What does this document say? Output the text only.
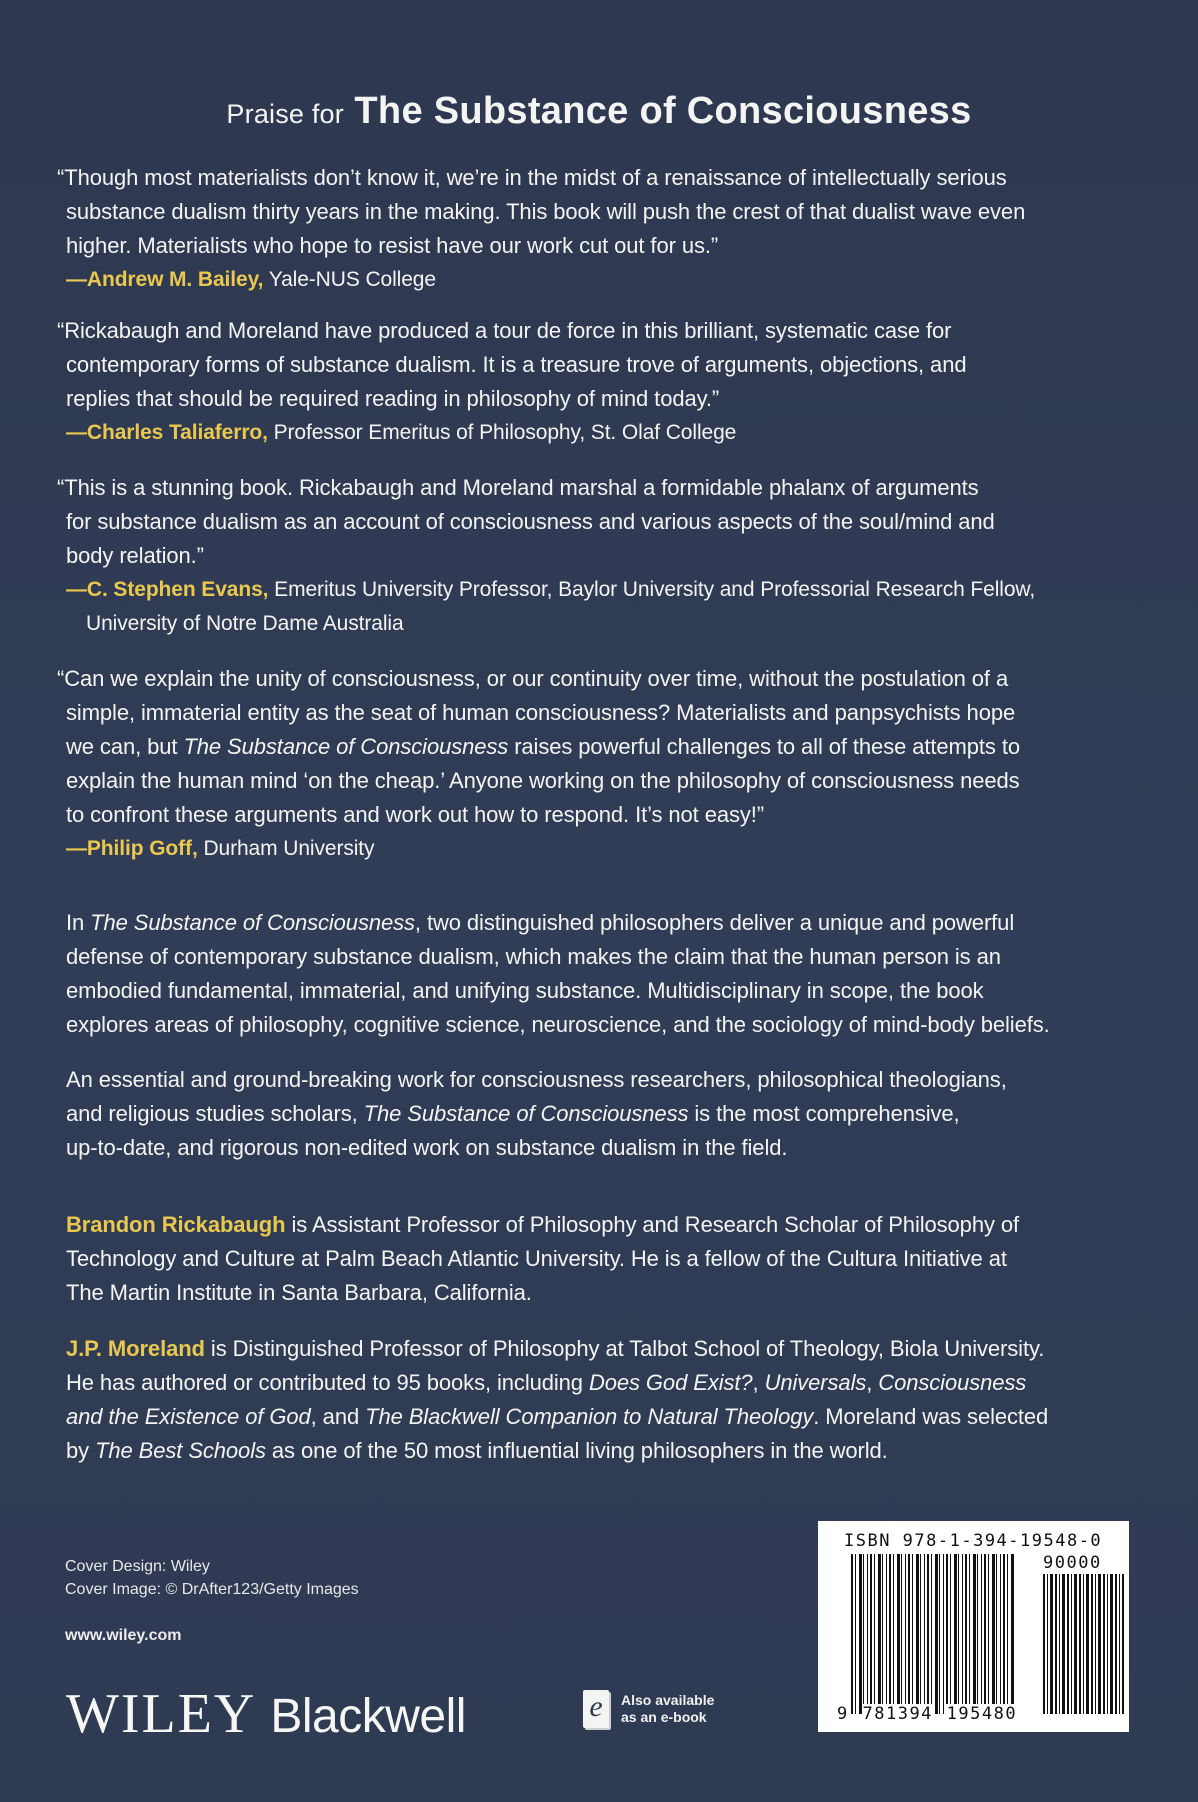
Praise for The Substance of Consciousness
“Though most materialists don’t know it, we’re in the midst of a renaissance of intellectually serious
substance dualism thirty years in the making. This book will push the crest of that dualist wave even
higher. Materialists who hope to resist have our work cut out for us.”
—Andrew M. Bailey, Yale-NUS College
“Rickabaugh and Moreland have produced a tour de force in this brilliant, systematic case for
contemporary forms of substance dualism. It is a treasure trove of arguments, objections, and
replies that should be required reading in philosophy of mind today.”
—Charles Taliaferro, Professor Emeritus of Philosophy, St. Olaf College
“This is a stunning book. Rickabaugh and Moreland marshal a formidable phalanx of arguments
for substance dualism as an account of consciousness and various aspects of the soul/mind and
body relation.”
—C. Stephen Evans, Emeritus University Professor, Baylor University and Professorial Research Fellow,
University of Notre Dame Australia
“Can we explain the unity of consciousness, or our continuity over time, without the postulation of a
simple, immaterial entity as the seat of human consciousness? Materialists and panpsychists hope
we can, but The Substance of Consciousness raises powerful challenges to all of these attempts to
explain the human mind ‘on the cheap.’ Anyone working on the philosophy of consciousness needs
to confront these arguments and work out how to respond. It’s not easy!”
—Philip Goff, Durham University
In The Substance of Consciousness, two distinguished philosophers deliver a unique and powerful
defense of contemporary substance dualism, which makes the claim that the human person is an
embodied fundamental, immaterial, and unifying substance. Multidisciplinary in scope, the book
explores areas of philosophy, cognitive science, neuroscience, and the sociology of mind-body beliefs.
An essential and ground-breaking work for consciousness researchers, philosophical theologians,
and religious studies scholars, The Substance of Consciousness is the most comprehensive,
up-to-date, and rigorous non-edited work on substance dualism in the field.
Brandon Rickabaugh is Assistant Professor of Philosophy and Research Scholar of Philosophy of
Technology and Culture at Palm Beach Atlantic University. He is a fellow of the Cultura Initiative at
The Martin Institute in Santa Barbara, California.
J.P. Moreland is Distinguished Professor of Philosophy at Talbot School of Theology, Biola University.
He has authored or contributed to 95 books, including Does God Exist?, Universals, Consciousness
and the Existence of God, and The Blackwell Companion to Natural Theology. Moreland was selected
by The Best Schools as one of the 50 most influential living philosophers in the world.
Cover Design: Wiley
Cover Image: © DrAfter123/Getty Images
www.wiley.com
WILEY Blackwell	e	Also available
as an e-book
ISBN 978-1-394-19548-0
90000
9 781394 195480
